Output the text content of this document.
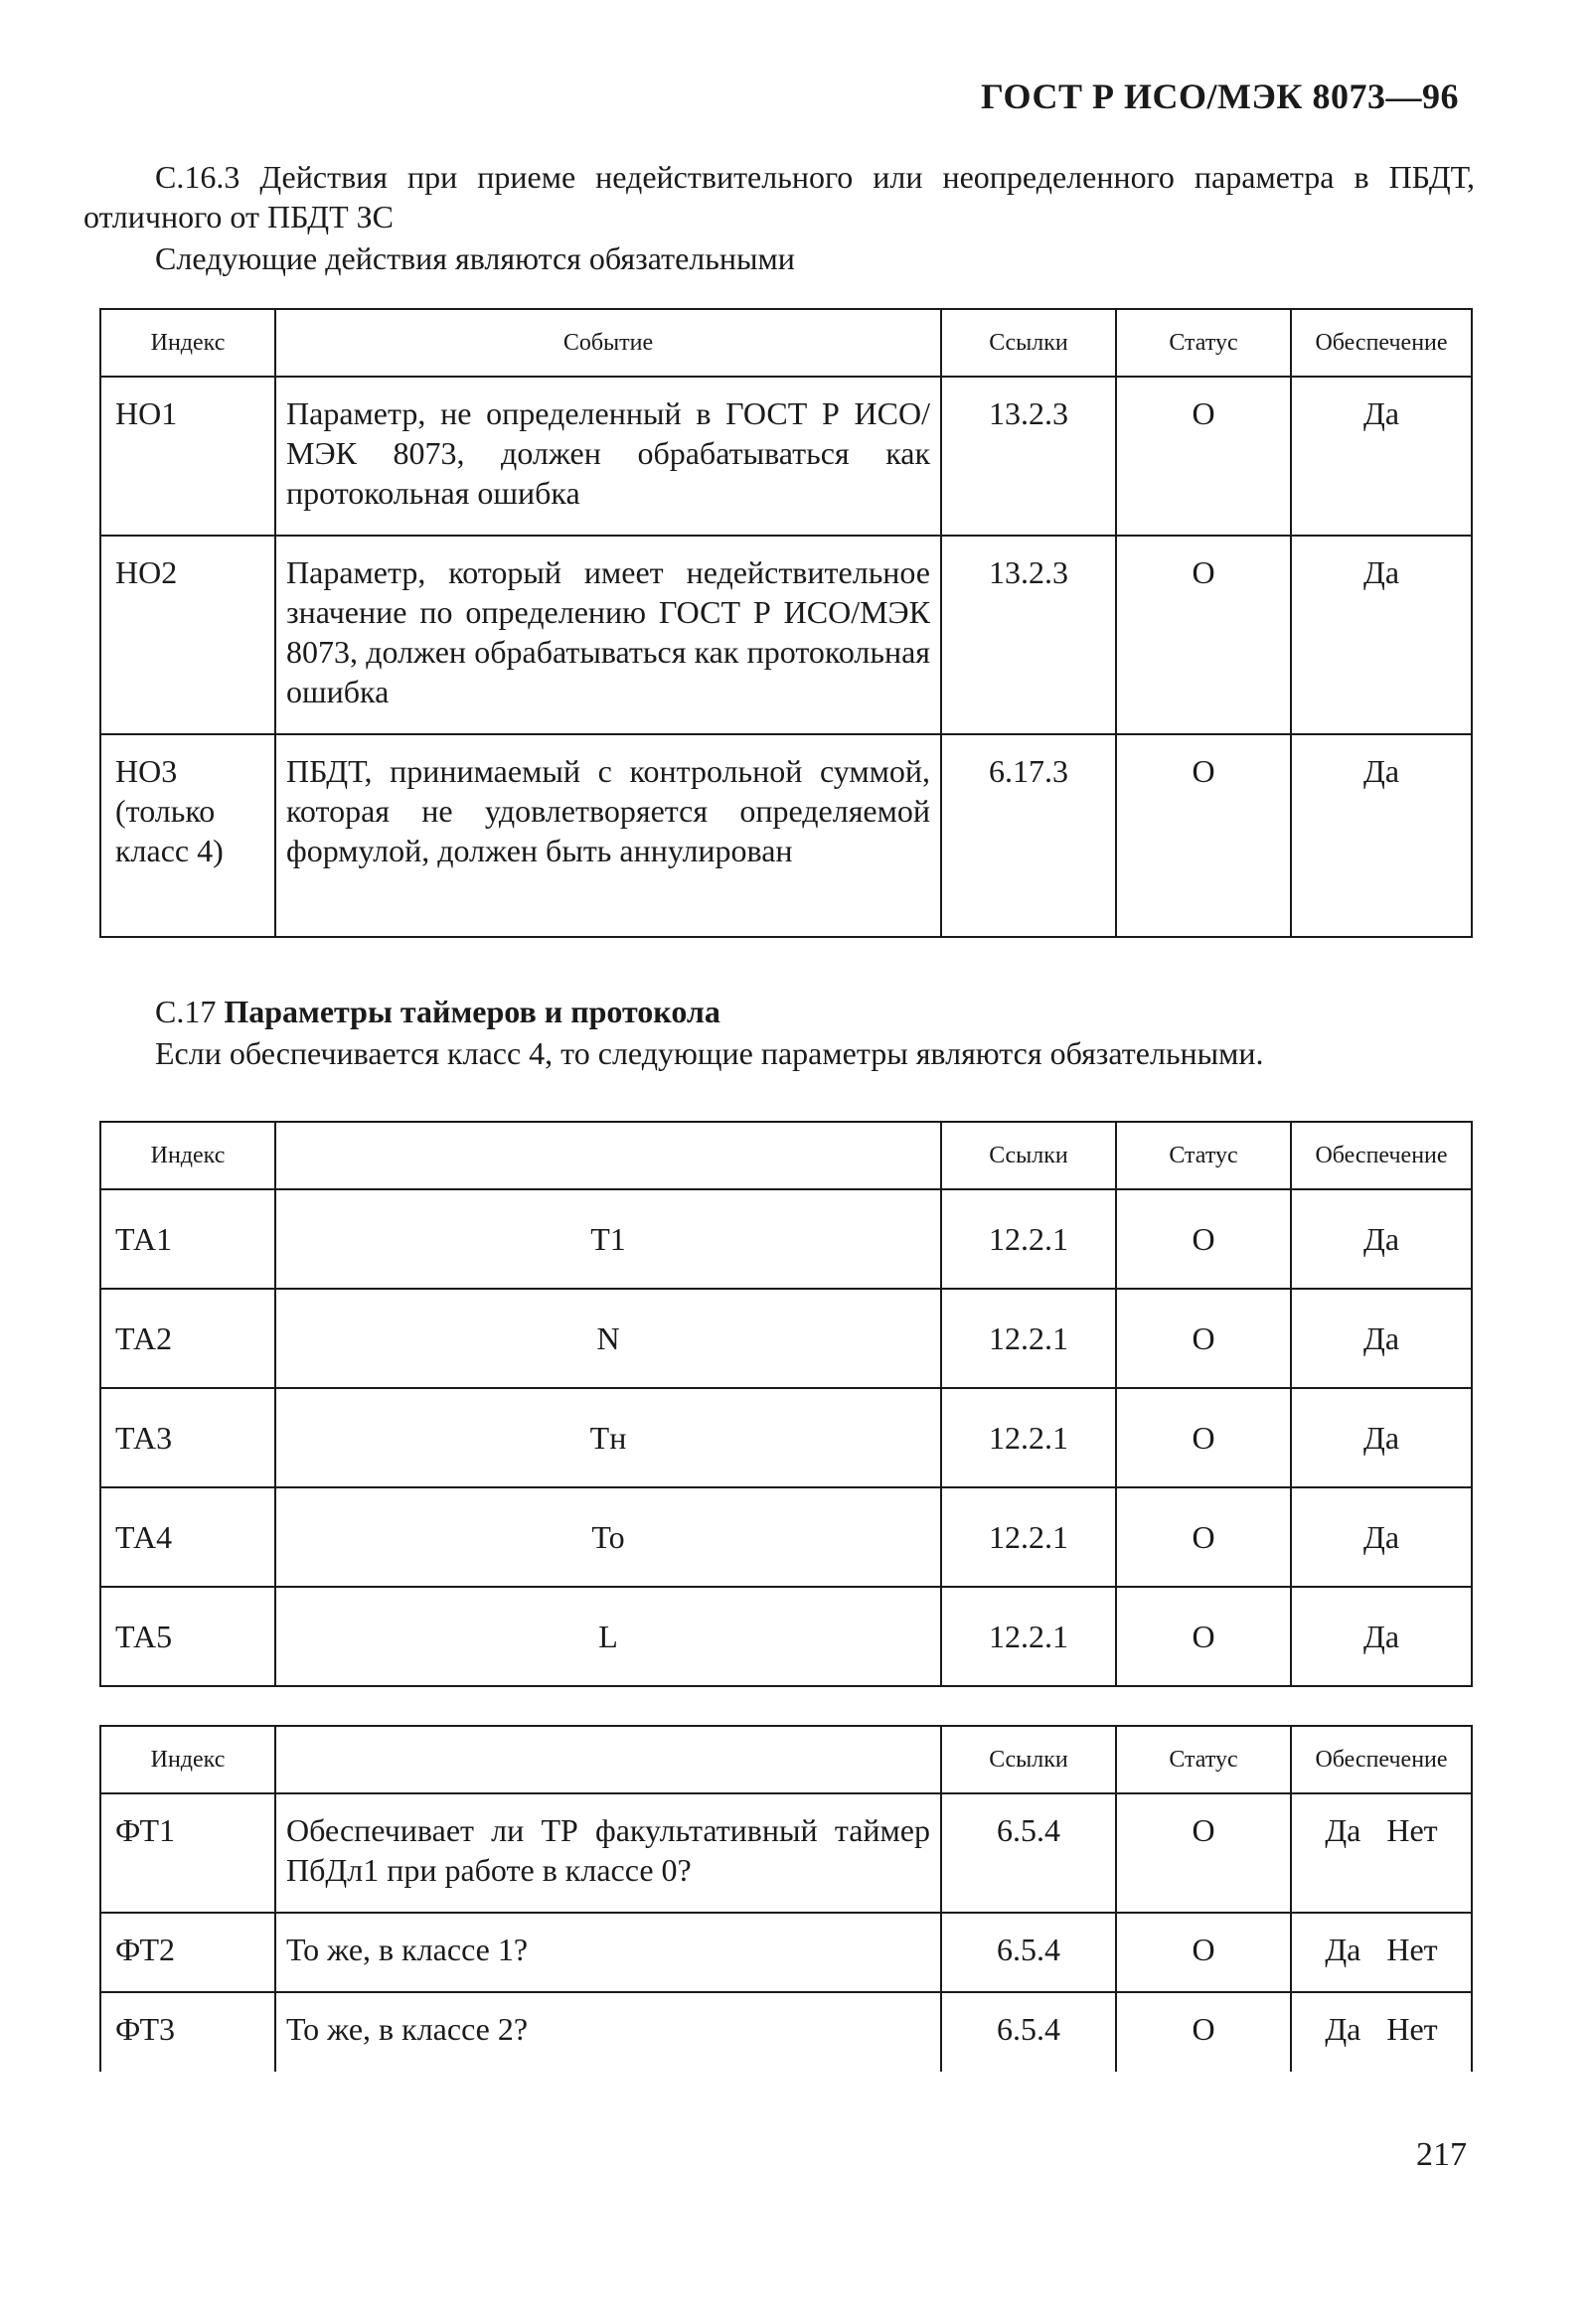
ГОСТ Р ИСО/МЭК 8073—96
С.16.3 Действия при приеме недействительного или неопределенного параметра в ПБДТ, отличного от ПБДТ ЗС
Следующие действия являются обязательными
Индекс	Событие	Ссылки	Статус	Обеспечение
НО1	Параметр, не определенный в ГОСТ Р ИСО/МЭК 8073, должен обрабатываться как протокольная ошибка	13.2.3	О	Да
НО2	Параметр, который имеет недействительное значение по определению ГОСТ Р ИСО/МЭК 8073, должен обрабатываться как протокольная ошибка	13.2.3	О	Да
НО3 (только класс 4)	ПБДТ, принимаемый с контрольной суммой, которая не удовлетворяется определяемой формулой, должен быть аннулирован	6.17.3	О	Да
С.17 Параметры таймеров и протокола
Если обеспечивается класс 4, то следующие параметры являются обязательными.
Индекс		Ссылки	Статус	Обеспечение
ТА1	Т1	12.2.1	О	Да
ТА2	N	12.2.1	О	Да
ТА3	Тн	12.2.1	О	Да
ТА4	То	12.2.1	О	Да
ТА5	L	12.2.1	О	Да
Индекс		Ссылки	Статус	Обеспечение
ФТ1	Обеспечивает ли ТР факультативный таймер ПбДл1 при работе в классе 0?	6.5.4	О	Да Нет
ФТ2	То же, в классе 1?	6.5.4	О	Да Нет
ФТ3	То же, в классе 2?	6.5.4	О	Да Нет
217
